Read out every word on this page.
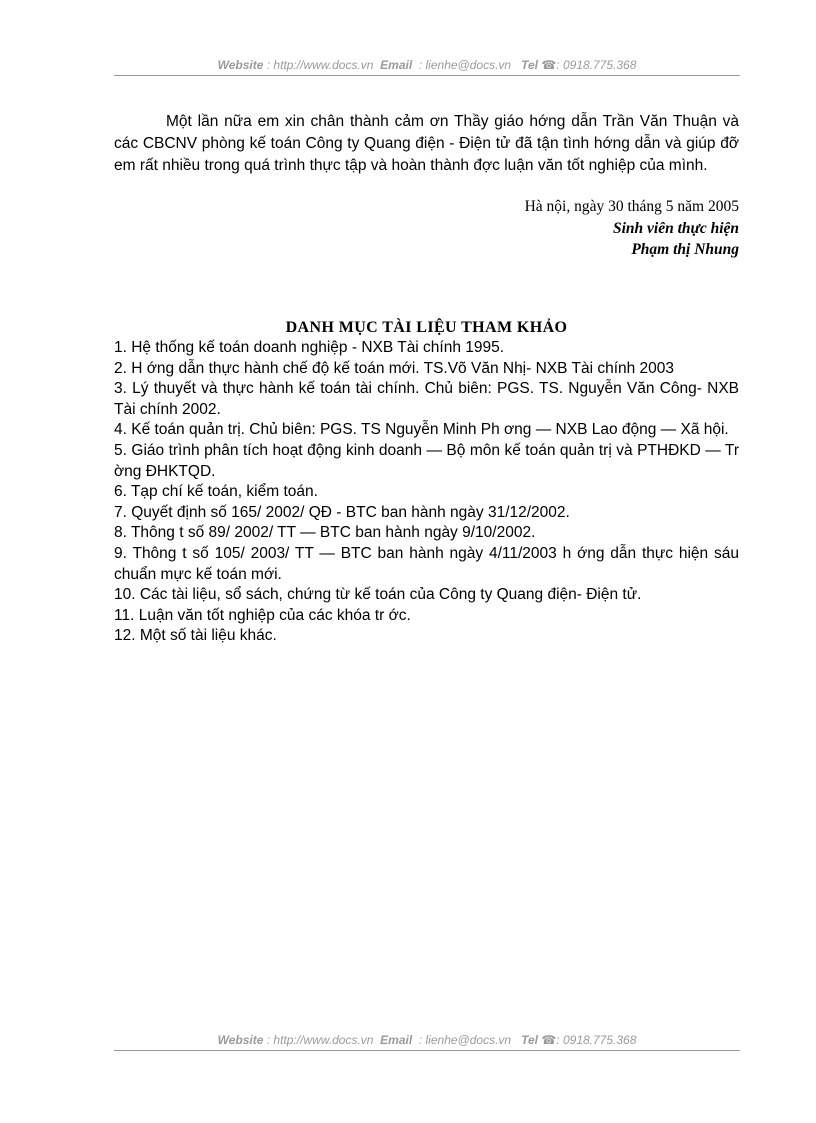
Website : http://www.docs.vn Email : lienhe@docs.vn Tel ☎: 0918.775.368

Một lần nữa em xin chân thành cảm ơn Thầy giáo hớng dẫn Trần Văn Thuận và các CBCNV phòng kế toán Công ty Quang điện - Điện tử đã tận tình hớng dẫn và giúp đỡ em rất nhiều trong quá trình thực tập và hoàn thành đợc luận văn tốt nghiệp của mình.

Hà nội, ngày 30 tháng 5 năm 2005
Sinh viên thực hiện
Phạm thị Nhung
DANH MỤC TÀI LIỆU THAM KHẢO
1. Hệ thống kế toán doanh nghiệp - NXB Tài chính 1995.
2. H ớng dẫn thực hành chế độ kế toán mới. TS.Võ Văn Nhị- NXB Tài chính 2003
3. Lý thuyết và thực hành kế toán tài chính. Chủ biên: PGS. TS. Nguyễn Văn Công- NXB Tài chính 2002.
4. Kế toán quản trị. Chủ biên: PGS. TS Nguyễn Minh Ph ơng — NXB Lao động — Xã hội.
5. Giáo trình phân tích hoạt động kinh doanh — Bộ môn kế toán quản trị và PTHĐKD — Tr ờng ĐHKTQD.
6. Tạp chí kế toán, kiểm toán.
7. Quyết định số 165/ 2002/ QĐ - BTC ban hành ngày 31/12/2002.
8. Thông t số 89/ 2002/ TT — BTC ban hành ngày 9/10/2002.
9. Thông t số 105/ 2003/ TT — BTC ban hành ngày 4/11/2003 h ớng dẫn thực hiện sáu chuẩn mực kế toán mới.
10. Các tài liệu, sổ sách, chứng từ kế toán của Công ty Quang điện- Điện tử.
11. Luận văn tốt nghiệp của các khóa tr ớc.
12. Một số tài liệu khác.
Website : http://www.docs.vn Email : lienhe@docs.vn Tel ☎: 0918.775.368
